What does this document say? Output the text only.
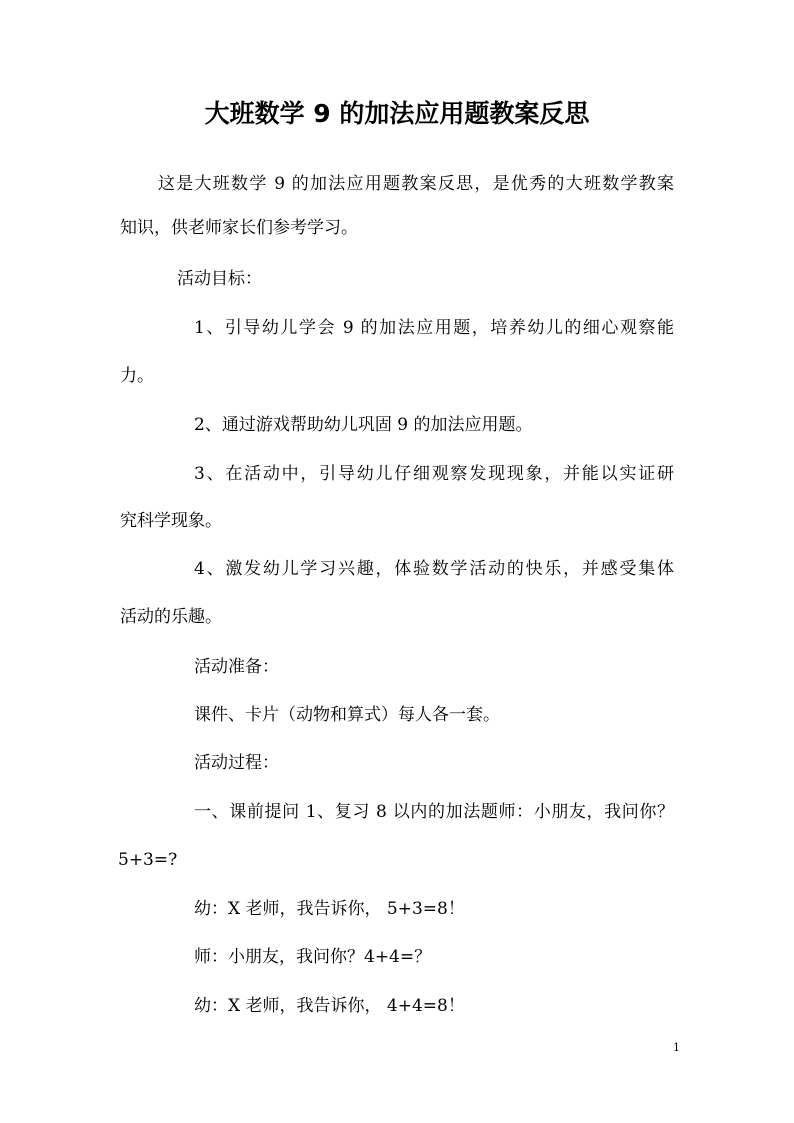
大班数学 9 的加法应用题教案反思

这是大班数学 9 的加法应用题教案反思，是优秀的大班数学教案

知识，供老师家长们参考学习。

活动目标：

1、引导幼儿学会 9 的加法应用题，培养幼儿的细心观察能

力。

2、通过游戏帮助幼儿巩固 9 的加法应用题。

3、在活动中，引导幼儿仔细观察发现现象，并能以实证研

究科学现象。

4、激发幼儿学习兴趣，体验数学活动的快乐，并感受集体

活动的乐趣。

活动准备：

课件、卡片（动物和算式）每人各一套。

活动过程：

一、课前提问 1、复习 8 以内的加法题师：小朋友，我问你？

5+3=?

幼：X 老师，我告诉你， 5+3=8！

师：小朋友，我问你？4+4=？

幼：X 老师，我告诉你， 4+4=8！

1
